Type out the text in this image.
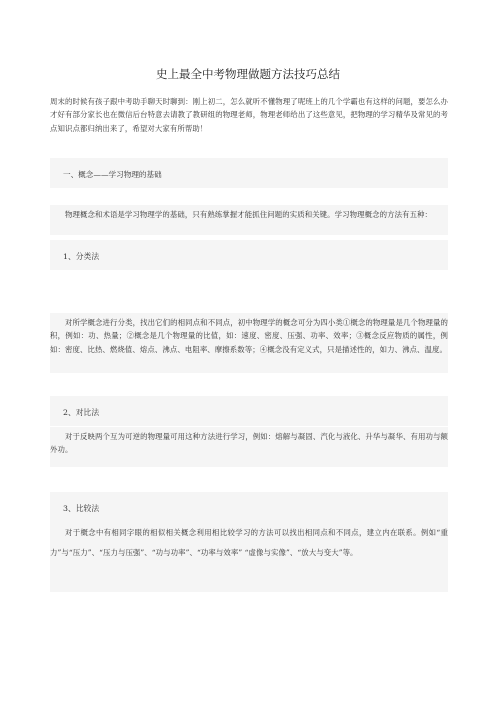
史上最全中考物理做题方法技巧总结
周末的时候有孩子跟中考助手聊天时聊到：刚上初二，怎么就听不懂物理了呢班上的几个学霸也有这样的问题，要怎么办才好有部分家长也在微信后台特意去请教了教研组的物理老师，物理老师给出了这些意见，把物理的学习精华及常见的考点知识点都归纳出来了，希望对大家有所帮助！
一、概念——学习物理的基础
物理概念和术语是学习物理学的基础，只有熟练掌握才能抓住问题的实质和关键。学习物理概念的方法有五种：
1、分类法
对所学概念进行分类，找出它们的相同点和不同点，初中物理学的概念可分为四小类①概念的物理量是几个物理量的积，例如：功、热量；②概念是几个物理量的比值，如：速度、密度、压强、功率、效率；③概念反应物质的属性，例如：密度、比热、燃烧值、熔点、沸点、电阻率、摩擦系数等；④概念没有定义式，只是描述性的，如力、沸点、温度。
2、对比法
对于反映两个互为可逆的物理量可用这种方法进行学习，例如：熔解与凝固、汽化与液化、升华与凝华、有用功与额外功。
3、比较法
对于概念中有相同字眼的相似相关概念利用相比较学习的方法可以找出相同点和不同点，建立内在联系。例如“重力”与“压力”、“压力与压强”、“功与功率”、“功率与效率” “虚像与实像”、“放大与变大”等。
